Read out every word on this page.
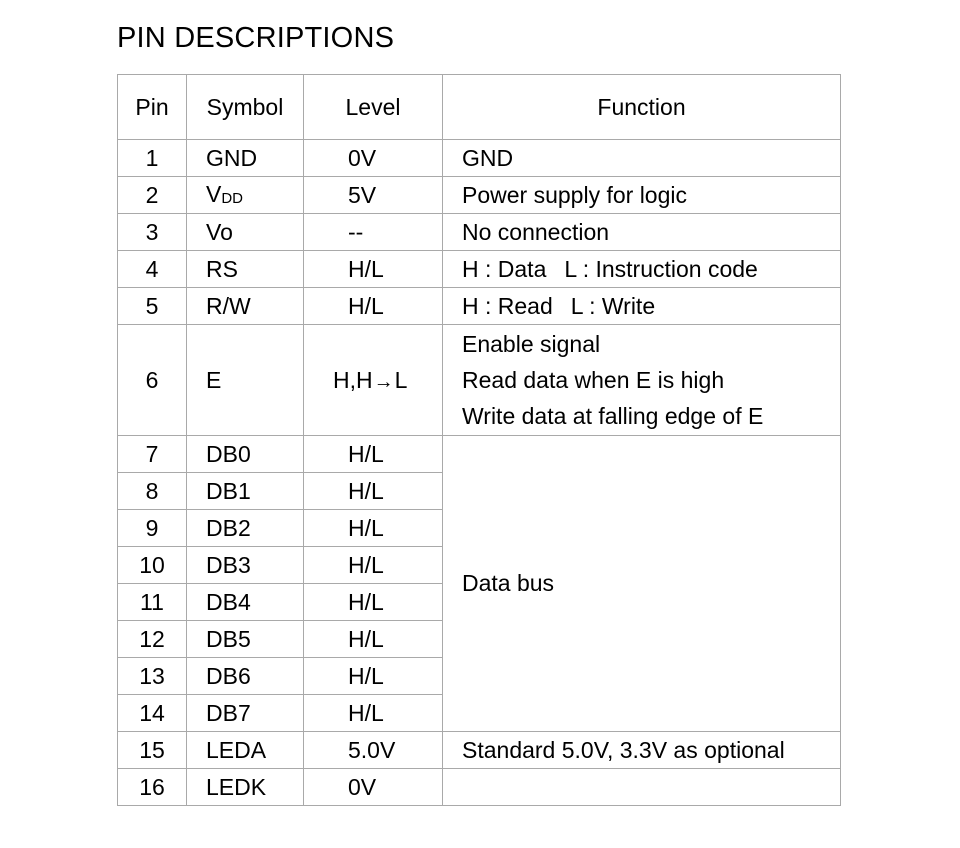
PIN DESCRIPTIONS
Pin	Symbol	Level	Function
1	GND	0V	GND
2	VDD	5V	Power supply for logic
3	Vo	--	No connection
4	RS	H/L	H : Data L : Instruction code
5	R/W	H/L	H : Read L : Write
6	E	H,H→L	Enable signal
Read data when E is high
Write data at falling edge of E

7	DB0	H/L	Data bus
8	DB1	H/L	
9	DB2	H/L	
10	DB3	H/L	
11	DB4	H/L	
12	DB5	H/L	
13	DB6	H/L	
14	DB7	H/L	
15	LEDA	5.0V	Standard 5.0V, 3.3V as optional
16	LEDK	0V	
